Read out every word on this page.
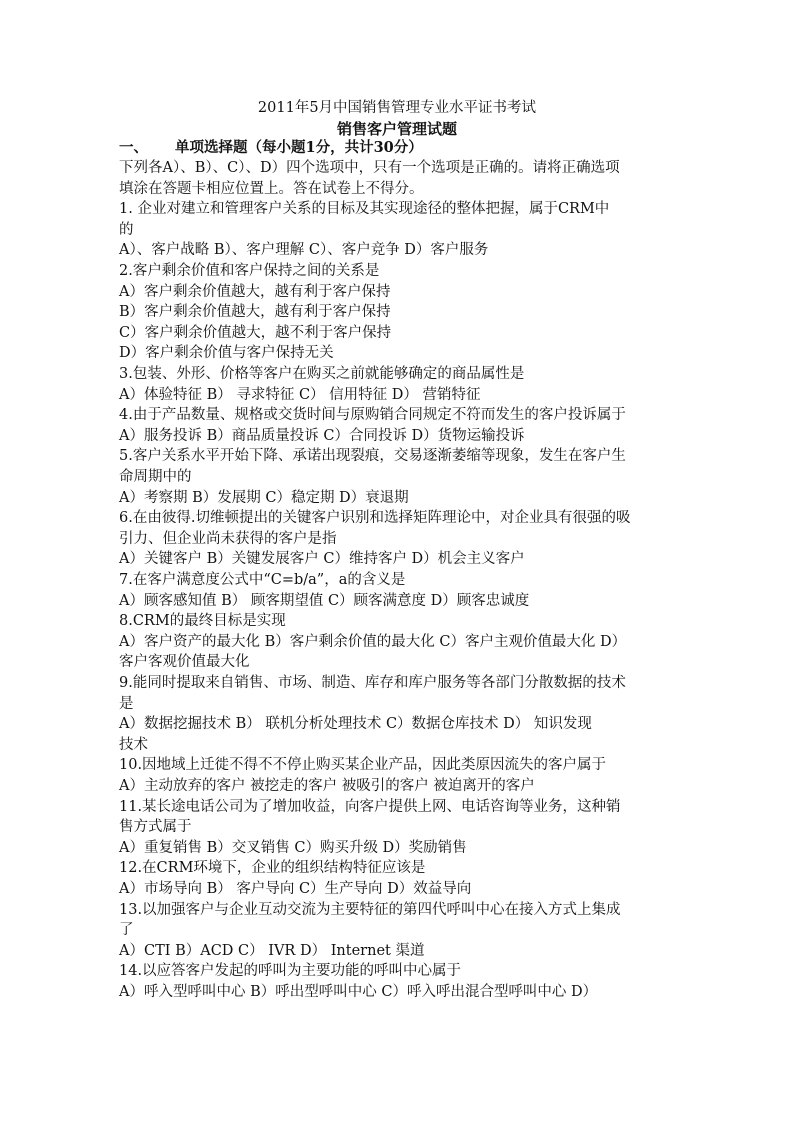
2011年5月中国销售管理专业水平证书考试
销售客户管理试题
一、 单项选择题（每小题1分，共计30分）
下列各A）、B）、C）、D）四个选项中，只有一个选项是正确的。请将正确选项
填涂在答题卡相应位置上。答在试卷上不得分。
1. 企业对建立和管理客户关系的目标及其实现途径的整体把握，属于CRM中
的
A）、客户战略 B）、客户理解 C）、客户竞争 D）客户服务
2.客户剩余价值和客户保持之间的关系是
A）客户剩余价值越大，越有利于客户保持
B）客户剩余价值越大，越有利于客户保持
C）客户剩余价值越大，越不利于客户保持
D）客户剩余价值与客户保持无关
3.包装、外形、价格等客户在购买之前就能够确定的商品属性是
A）体验特征 B） 寻求特征 C） 信用特征 D） 营销特征
4.由于产品数量、规格或交货时间与原购销合同规定不符而发生的客户投诉属于
A）服务投诉 B）商品质量投诉 C）合同投诉 D）货物运输投诉
5.客户关系水平开始下降、承诺出现裂痕，交易逐渐萎缩等现象，发生在客户生
命周期中的
A）考察期 B）发展期 C）稳定期 D）衰退期
6.在由彼得.切维顿提出的关键客户识别和选择矩阵理论中，对企业具有很强的吸
引力、但企业尚未获得的客户是指
A）关键客户 B）关键发展客户 C）维持客户 D）机会主义客户
7.在客户满意度公式中“C=b/a”，a的含义是
A）顾客感知值 B） 顾客期望值 C）顾客满意度 D）顾客忠诚度
8.CRM的最终目标是实现
A）客户资产的最大化 B）客户剩余价值的最大化 C）客户主观价值最大化 D）
客户客观价值最大化
9.能同时提取来自销售、市场、制造、库存和库户服务等各部门分散数据的技术
是
A）数据挖掘技术 B） 联机分析处理技术 C）数据仓库技术 D） 知识发现
技术
10.因地域上迁徙不得不不停止购买某企业产品，因此类原因流失的客户属于
A）主动放弃的客户 被挖走的客户 被吸引的客户 被迫离开的客户
11.某长途电话公司为了增加收益，向客户提供上网、电话咨询等业务，这种销
售方式属于
A）重复销售 B）交叉销售 C）购买升级 D）奖励销售
12.在CRM环境下，企业的组织结构特征应该是
A）市场导向 B） 客户导向 C）生产导向 D）效益导向
13.以加强客户与企业互动交流为主要特征的第四代呼叫中心在接入方式上集成
了
A）CTI B）ACD C） IVR D） Internet 渠道
14.以应答客户发起的呼叫为主要功能的呼叫中心属于
A）呼入型呼叫中心 B）呼出型呼叫中心 C）呼入呼出混合型呼叫中心 D）
